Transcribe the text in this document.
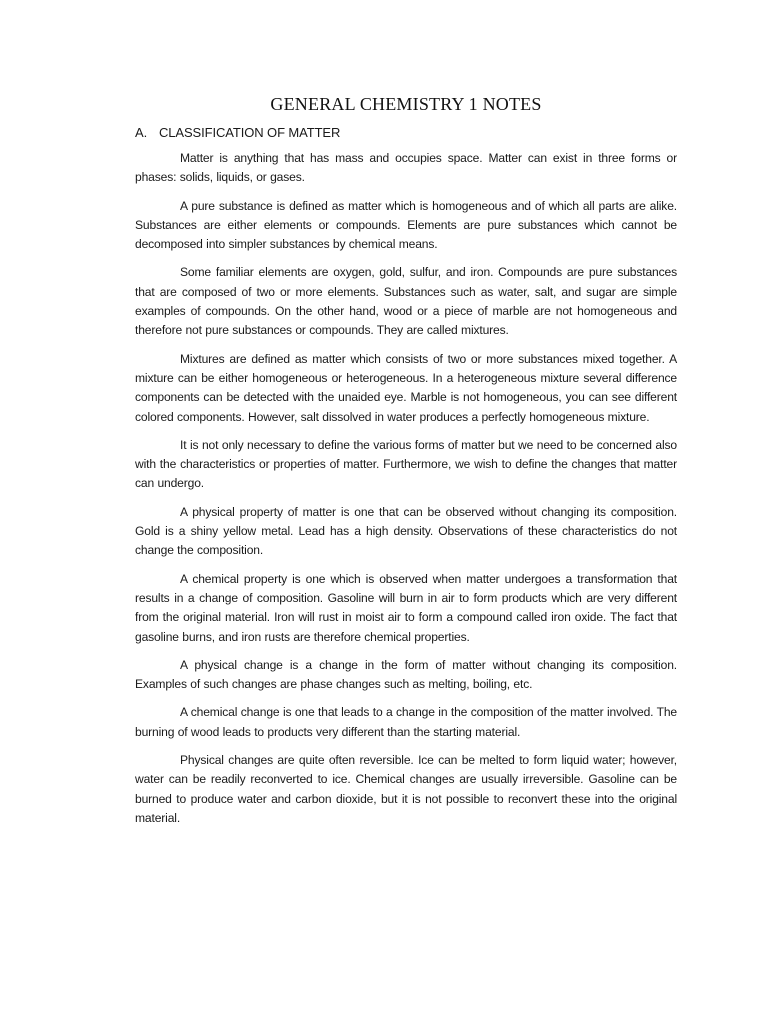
GENERAL CHEMISTRY 1 NOTES
A. CLASSIFICATION OF MATTER

Matter is anything that has mass and occupies space. Matter can exist in three forms or phases: solids, liquids, or gases.

A pure substance is defined as matter which is homogeneous and of which all parts are alike. Substances are either elements or compounds. Elements are pure substances which cannot be decomposed into simpler substances by chemical means.

Some familiar elements are oxygen, gold, sulfur, and iron. Compounds are pure substances that are composed of two or more elements. Substances such as water, salt, and sugar are simple examples of compounds. On the other hand, wood or a piece of marble are not homogeneous and therefore not pure substances or compounds. They are called mixtures.

Mixtures are defined as matter which consists of two or more substances mixed together. A mixture can be either homogeneous or heterogeneous. In a heterogeneous mixture several difference components can be detected with the unaided eye. Marble is not homogeneous, you can see different colored components. However, salt dissolved in water produces a perfectly homogeneous mixture.

It is not only necessary to define the various forms of matter but we need to be concerned also with the characteristics or properties of matter. Furthermore, we wish to define the changes that matter can undergo.

A physical property of matter is one that can be observed without changing its composition. Gold is a shiny yellow metal. Lead has a high density. Observations of these characteristics do not change the composition.

A chemical property is one which is observed when matter undergoes a transformation that results in a change of composition. Gasoline will burn in air to form products which are very different from the original material. Iron will rust in moist air to form a compound called iron oxide. The fact that gasoline burns, and iron rusts are therefore chemical properties.

A physical change is a change in the form of matter without changing its composition. Examples of such changes are phase changes such as melting, boiling, etc.

A chemical change is one that leads to a change in the composition of the matter involved. The burning of wood leads to products very different than the starting material.

Physical changes are quite often reversible. Ice can be melted to form liquid water; however, water can be readily reconverted to ice. Chemical changes are usually irreversible. Gasoline can be burned to produce water and carbon dioxide, but it is not possible to reconvert these into the original material.
